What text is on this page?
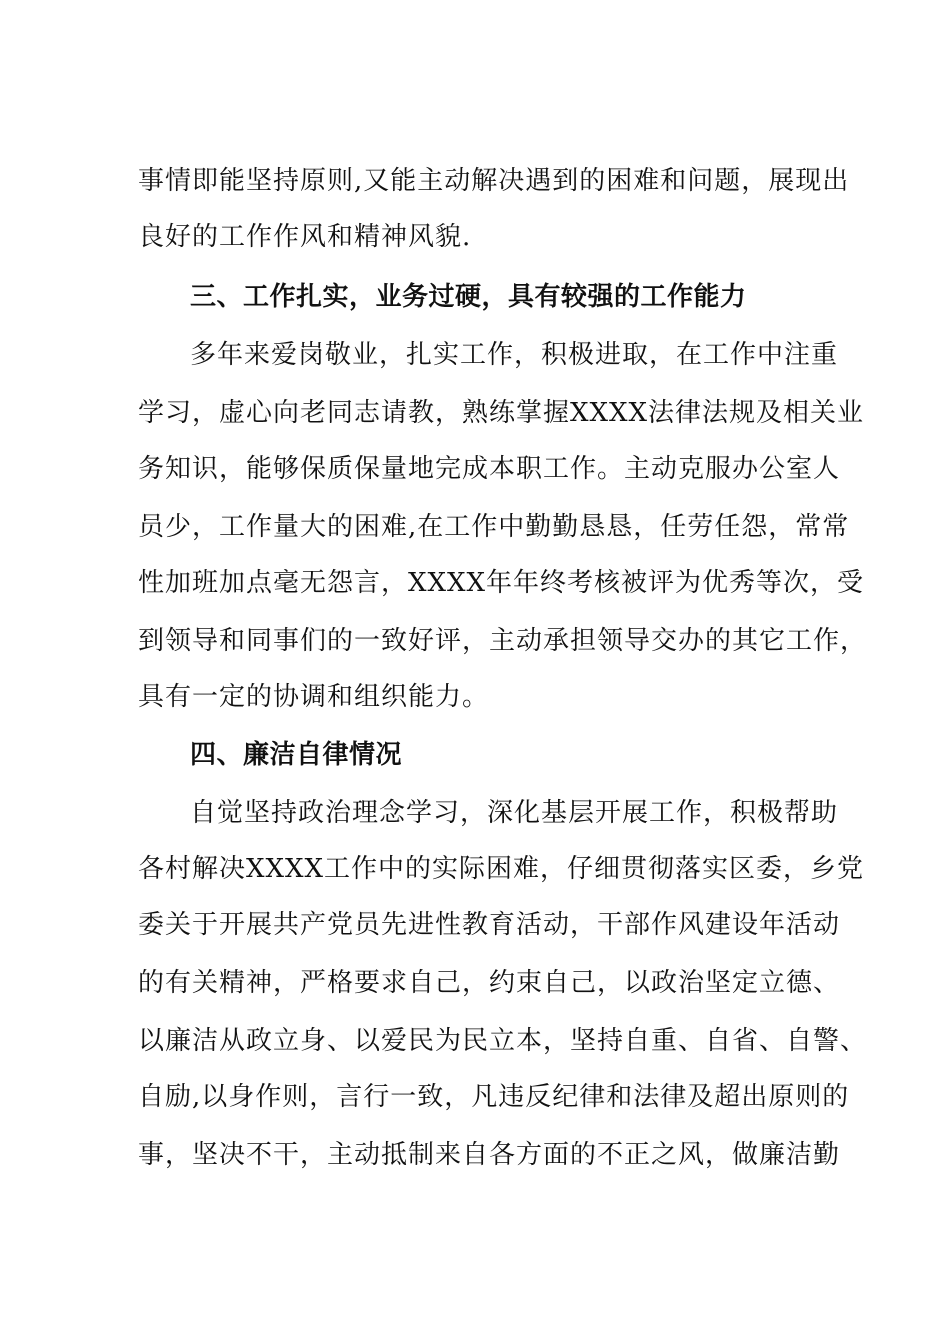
事情即能坚持原则,又能主动解决遇到的困难和问题，展现出
良好的工作作风和精神风貌.
三、工作扎实，业务过硬，具有较强的工作能力
多年来爱岗敬业，扎实工作，积极进取，在工作中注重
学习，虚心向老同志请教，熟练掌握XXXX法律法规及相关业
务知识，能够保质保量地完成本职工作。主动克服办公室人
员少，工作量大的困难,在工作中勤勤恳恳，任劳任怨，常常
性加班加点毫无怨言，XXXX年年终考核被评为优秀等次，受
到领导和同事们的一致好评，主动承担领导交办的其它工作，
具有一定的协调和组织能力。
四、廉洁自律情况
自觉坚持政治理念学习，深化基层开展工作，积极帮助
各村解决XXXX工作中的实际困难，仔细贯彻落实区委，乡党
委关于开展共产党员先进性教育活动，干部作风建设年活动
的有关精神，严格要求自己，约束自己，以政治坚定立德、
以廉洁从政立身、以爱民为民立本，坚持自重、自省、自警、
自励,以身作则，言行一致，凡违反纪律和法律及超出原则的
事，坚决不干，主动抵制来自各方面的不正之风，做廉洁勤
